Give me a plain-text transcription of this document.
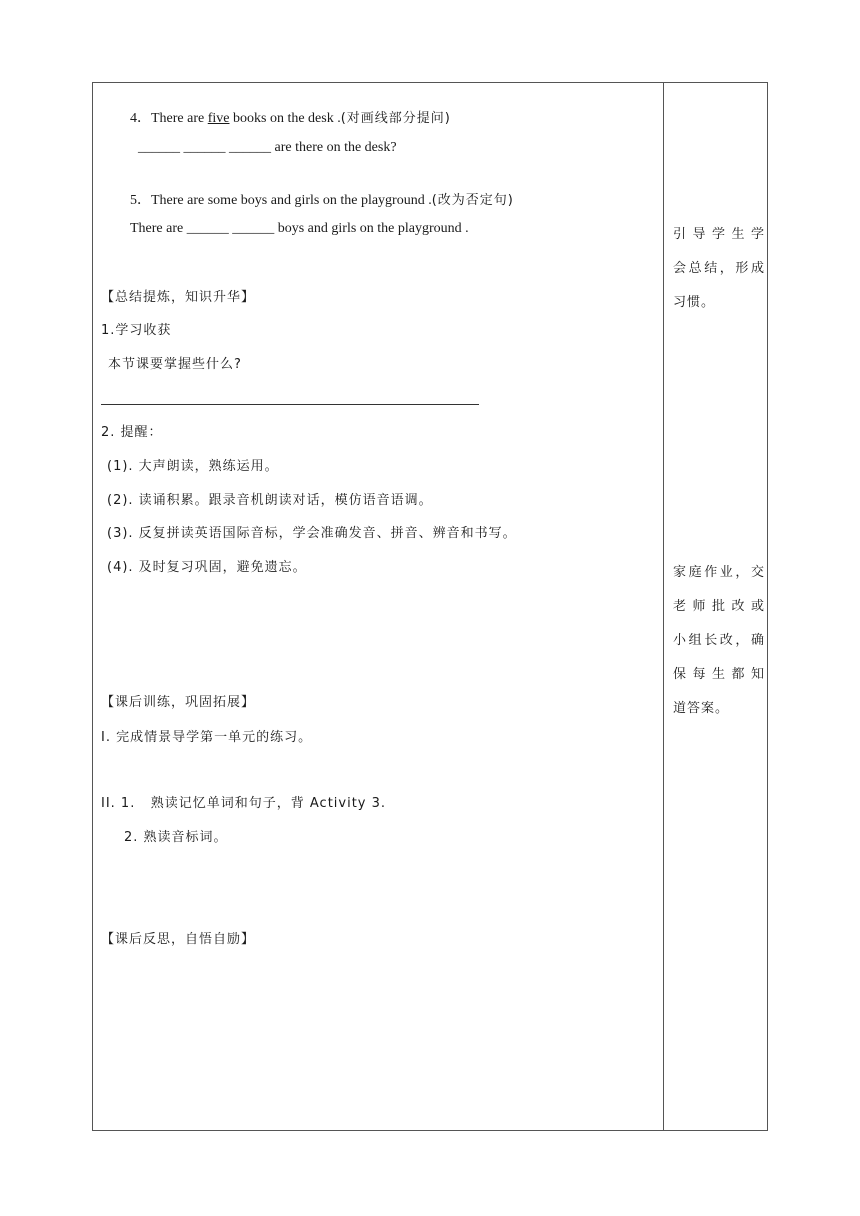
4．There are five books on the desk .(对画线部分提问)
______ ______ ______ are there on the desk?
5．There are some boys and girls on the playground .(改为否定句)
There are ______ ______ boys and girls on the playground .
【总结提炼，知识升华】
1.学习收获
本节课要掌握些什么?
2. 提醒：
(1). 大声朗读，熟练运用。
(2). 读诵积累。跟录音机朗读对话，模仿语音语调。
(3). 反复拼读英语国际音标，学会准确发音、拼音、辨音和书写。
(4). 及时复习巩固，避免遗忘。
【课后训练，巩固拓展】
I. 完成情景导学第一单元的练习。
II. 1. 熟读记忆单词和句子，背 Activity 3.
2. 熟读音标词。
【课后反思，自悟自励】
引导学生学
会总结，形成
习惯。
家庭作业，交
老师批改或
小组长改，确
保每生都知
道答案。
